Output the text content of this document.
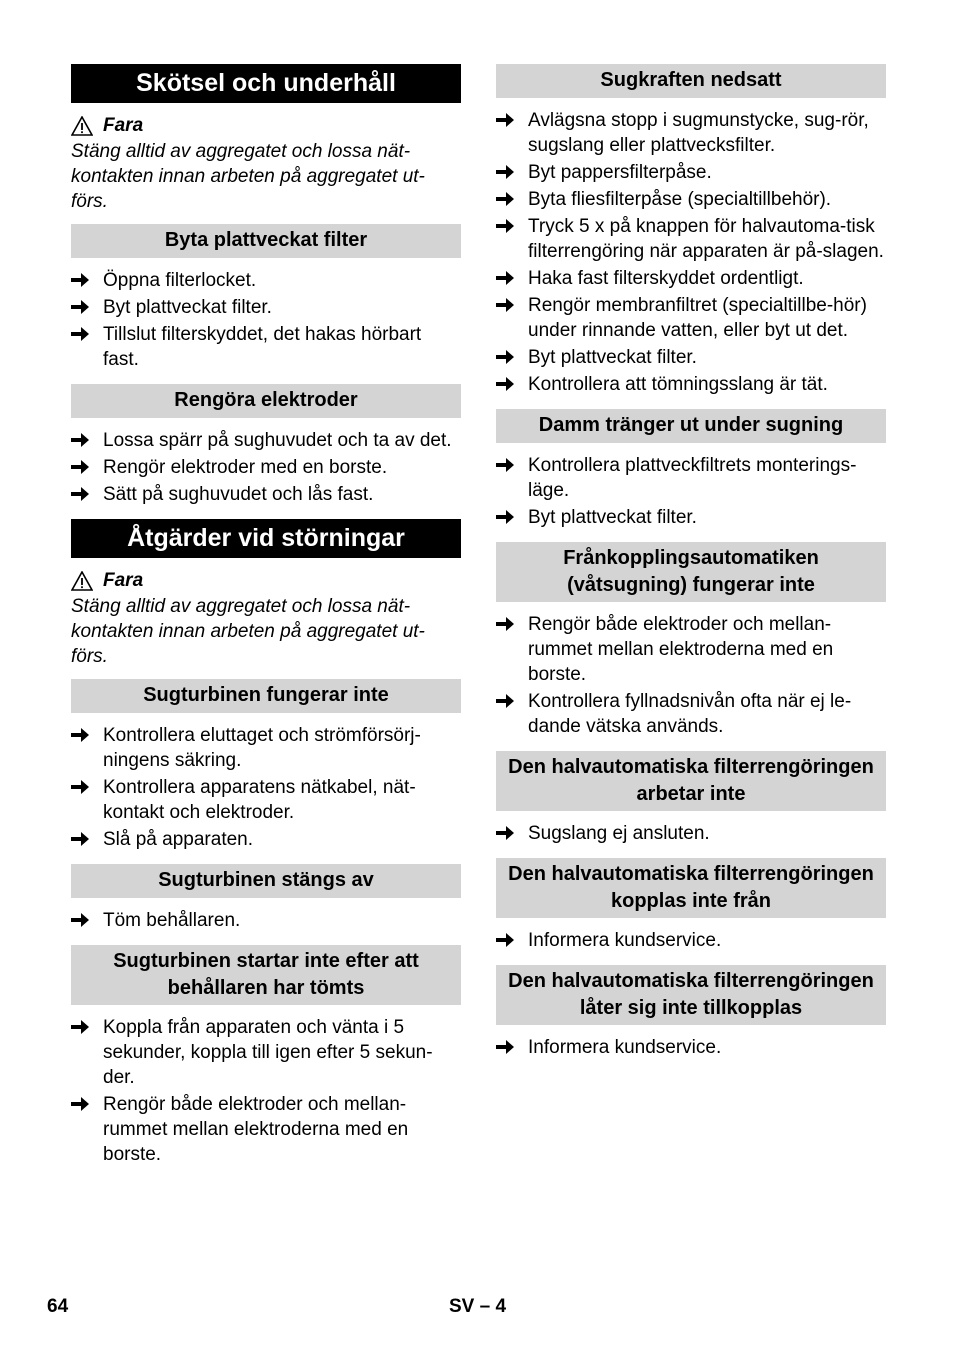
Skötsel och underhåll
Fara
Stäng alltid av aggregatet och lossa nät-kontakten innan arbeten på aggregatet ut-förs.
Byta plattveckat filter
Öppna filterlocket.
Byt plattveckat filter.
Tillslut filterskyddet, det hakas hörbart fast.
Rengöra elektroder
Lossa spärr på sughuvudet och ta av det.
Rengör elektroder med en borste.
Sätt på sughuvudet och lås fast.
Åtgärder vid störningar
Fara
Stäng alltid av aggregatet och lossa nät-kontakten innan arbeten på aggregatet ut-förs.
Sugturbinen fungerar inte
Kontrollera eluttaget och strömförsörj-ningens säkring.
Kontrollera apparatens nätkabel, nät-kontakt och elektroder.
Slå på apparaten.
Sugturbinen stängs av
Töm behållaren.
Sugturbinen startar inte efter att behållaren har tömts
Koppla från apparaten och vänta i 5 sekunder, koppla till igen efter 5 sekun-der.
Rengör både elektroder och mellan-rummet mellan elektroderna med en borste.
Sugkraften nedsatt
Avlägsna stopp i sugmunstycke, sug-rör, sugslang eller plattvecksfilter.
Byt pappersfilterpåse.
Byta fliesfilterpåse (specialtillbehör).
Tryck 5 x på knappen för halvautoma-tisk filterrengöring när apparaten är på-slagen.
Haka fast filterskyddet ordentligt.
Rengör membranfiltret (specialtillbe-hör) under rinnande vatten, eller byt ut det.
Byt plattveckat filter.
Kontrollera att tömningsslang är tät.
Damm tränger ut under sugning
Kontrollera plattveckfiltrets monterings-läge.
Byt plattveckat filter.
Frånkopplingsautomatiken (våtsugning) fungerar inte
Rengör både elektroder och mellan-rummet mellan elektroderna med en borste.
Kontrollera fyllnadsnivån ofta när ej le-dande vätska används.
Den halvautomatiska filterrengöringen arbetar inte
Sugslang ej ansluten.
Den halvautomatiska filterrengöringen kopplas inte från
Informera kundservice.
Den halvautomatiska filterrengöringen låter sig inte tillkopplas
Informera kundservice.
64	SV – 4
